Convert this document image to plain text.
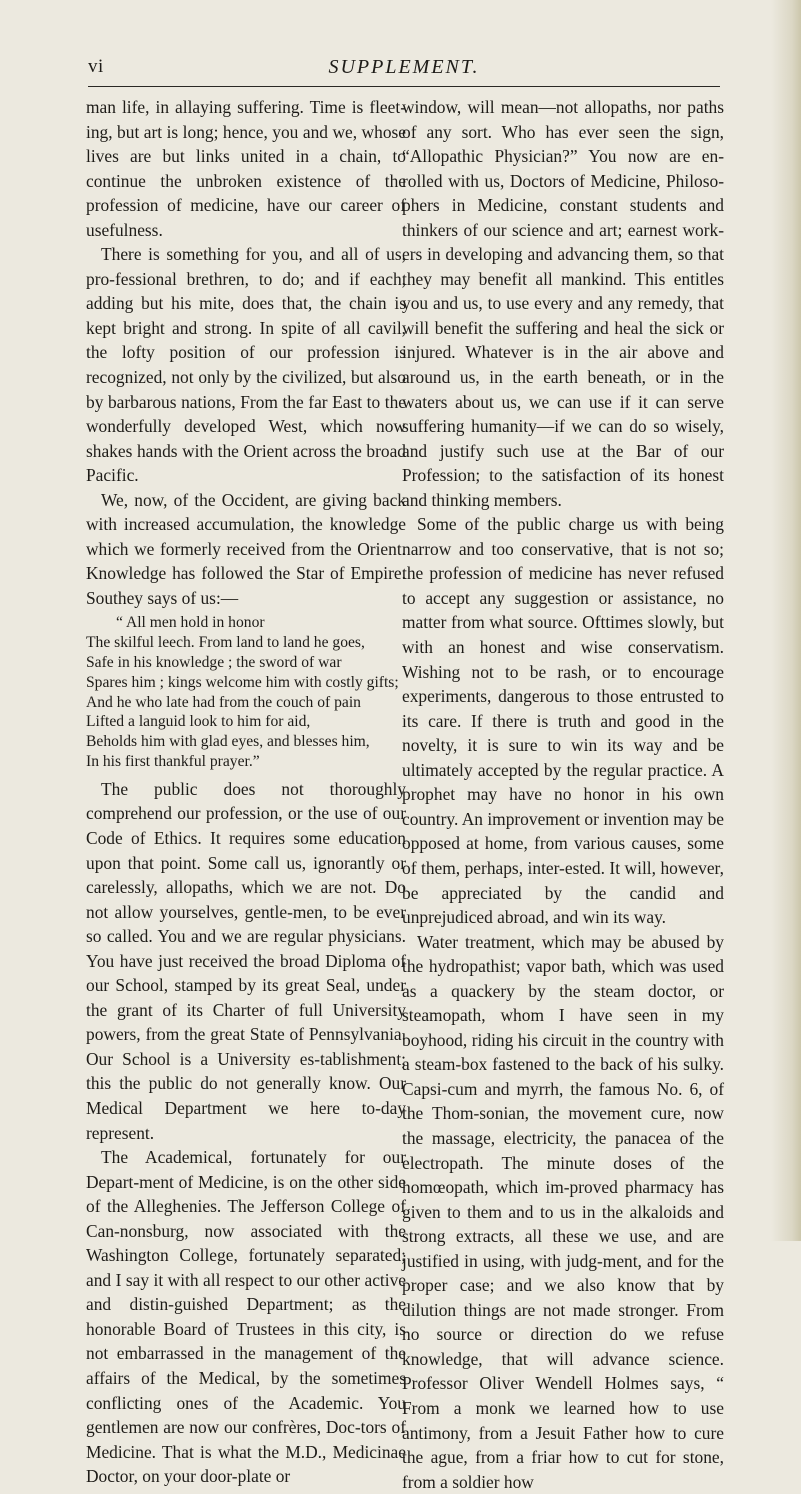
vi	SUPPLEMENT.

man life, in allaying suffering. Time is fleet-ing, but art is long; hence, you and we, whose lives are but links united in a chain, to continue the unbroken existence of the profession of medicine, have our career of usefulness.

There is something for you, and all of us, pro-fessional brethren, to do; and if each, adding but his mite, does that, the chain is kept bright and strong. In spite of all cavil, the lofty position of our profession is recognized, not only by the civilized, but also by barbarous nations, From the far East to the wonderfully developed West, which now shakes hands with the Orient across the broad Pacific.

We, now, of the Occident, are giving back with increased accumulation, the knowledge which we formerly received from the Orient. Knowledge has followed the Star of Empire. Southey says of us:—

“ All men hold in honor
The skilful leech. From land to land he goes,
Safe in his knowledge ; the sword of war
Spares him ; kings welcome him with costly gifts;
And he who late had from the couch of pain
Lifted a languid look to him for aid,
Beholds him with glad eyes, and blesses him,
In his first thankful prayer.”

The public does not thoroughly comprehend our profession, or the use of our Code of Ethics. It requires some education upon that point. Some call us, ignorantly or carelessly, allopaths, which we are not. Do not allow yourselves, gentle-men, to be ever so called. You and we are regular physicians. You have just received the broad Diploma of our School, stamped by its great Seal, under the grant of its Charter of full University powers, from the great State of Pennsylvania. Our School is a University es-tablishment; this the public do not generally know. Our Medical Department we here to-day represent.

The Academical, fortunately for our Depart-ment of Medicine, is on the other side of the Alleghenies. The Jefferson College of Can-nonsburg, now associated with the Washington College, fortunately separated; and I say it with all respect to our other active and distin-guished Department; as the honorable Board of Trustees in this city, is not embarrassed in the management of the affairs of the Medical, by the sometimes conflicting ones of the Academic. You gentlemen are now our confrères, Doc-tors of Medicine. That is what the M.D., Medicinae Doctor, on your door-plate or

window, will mean—not allopaths, nor paths of any sort. Who has ever seen the sign, “Allopathic Physician?” You now are en-rolled with us, Doctors of Medicine, Philoso-phers in Medicine, constant students and thinkers of our science and art; earnest work-ers in developing and advancing them, so that they may benefit all mankind. This entitles you and us, to use every and any remedy, that will benefit the suffering and heal the sick or injured. Whatever is in the air above and around us, in the earth beneath, or in the waters about us, we can use if it can serve suffering humanity—if we can do so wisely, and justify such use at the Bar of our Profession; to the satisfaction of its honest and thinking members.

Some of the public charge us with being narrow and too conservative, that is not so; the profession of medicine has never refused to accept any suggestion or assistance, no matter from what source. Ofttimes slowly, but with an honest and wise conservatism. Wishing not to be rash, or to encourage experiments, dangerous to those entrusted to its care. If there is truth and good in the novelty, it is sure to win its way and be ultimately accepted by the regular practice. A prophet may have no honor in his own country. An improvement or invention may be opposed at home, from various causes, some of them, perhaps, inter-ested. It will, however, be appreciated by the candid and unprejudiced abroad, and win its way.

Water treatment, which may be abused by the hydropathist; vapor bath, which was used as a quackery by the steam doctor, or steamopath, whom I have seen in my boyhood, riding his circuit in the country with a steam-box fastened to the back of his sulky. Capsi-cum and myrrh, the famous No. 6, of the Thom-sonian, the movement cure, now the massage, electricity, the panacea of the electropath. The minute doses of the homœopath, which im-proved pharmacy has given to them and to us in the alkaloids and strong extracts, all these we use, and are justified in using, with judg-ment, and for the proper case; and we also know that by dilution things are not made stronger. From no source or direction do we refuse knowledge, that will advance science. Professor Oliver Wendell Holmes says, “ From a monk we learned how to use antimony, from a Jesuit Father how to cure the ague, from a friar how to cut for stone, from a soldier how
